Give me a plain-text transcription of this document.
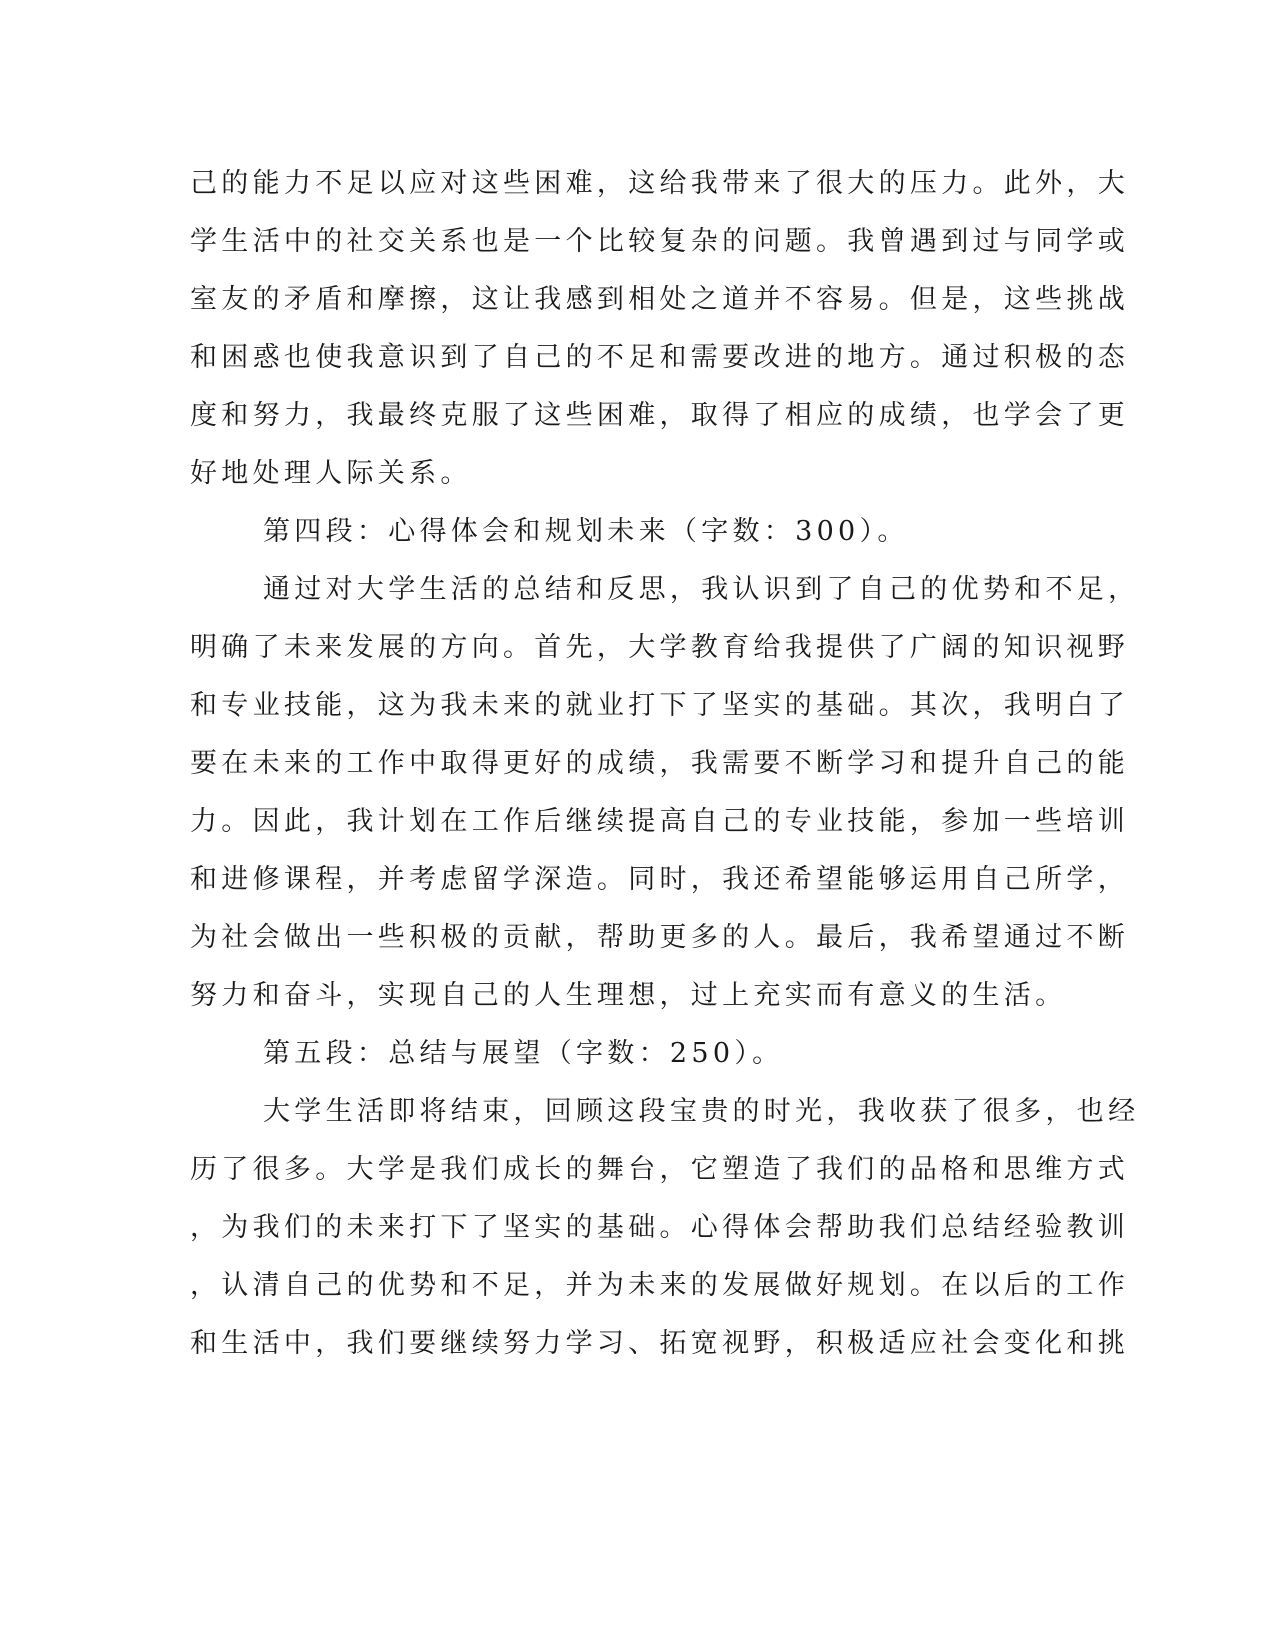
己的能力不足以应对这些困难，这给我带来了很大的压力。此外，大

学生活中的社交关系也是一个比较复杂的问题。我曾遇到过与同学或

室友的矛盾和摩擦，这让我感到相处之道并不容易。但是，这些挑战

和困惑也使我意识到了自己的不足和需要改进的地方。通过积极的态

度和努力，我最终克服了这些困难，取得了相应的成绩，也学会了更

好地处理人际关系。

第四段：心得体会和规划未来（字数：300）。

通过对大学生活的总结和反思，我认识到了自己的优势和不足，

明确了未来发展的方向。首先，大学教育给我提供了广阔的知识视野

和专业技能，这为我未来的就业打下了坚实的基础。其次，我明白了

要在未来的工作中取得更好的成绩，我需要不断学习和提升自己的能

力。因此，我计划在工作后继续提高自己的专业技能，参加一些培训

和进修课程，并考虑留学深造。同时，我还希望能够运用自己所学，

为社会做出一些积极的贡献，帮助更多的人。最后，我希望通过不断

努力和奋斗，实现自己的人生理想，过上充实而有意义的生活。

第五段：总结与展望（字数：250）。

大学生活即将结束，回顾这段宝贵的时光，我收获了很多，也经

历了很多。大学是我们成长的舞台，它塑造了我们的品格和思维方式

，为我们的未来打下了坚实的基础。心得体会帮助我们总结经验教训

，认清自己的优势和不足，并为未来的发展做好规划。在以后的工作

和生活中，我们要继续努力学习、拓宽视野，积极适应社会变化和挑
